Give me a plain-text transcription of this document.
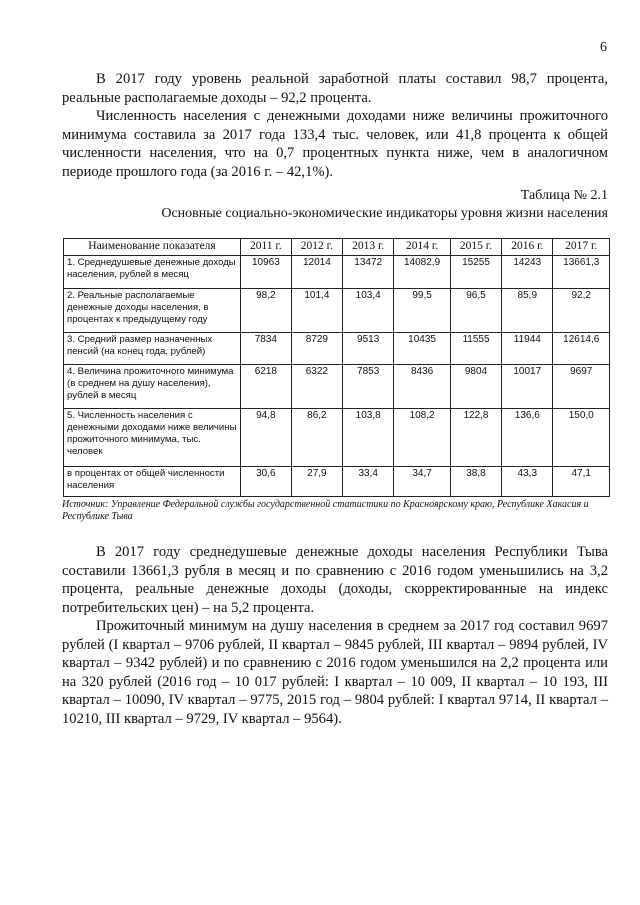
6

В 2017 году уровень реальной заработной платы составил 98,7 процента, реальные располагаемые доходы – 92,2 процента.

Численность населения с денежными доходами ниже величины прожиточного минимума составила за 2017 года 133,4 тыс. человек, или 41,8 процента к общей численности населения, что на 0,7 процентных пункта ниже, чем в аналогичном периоде прошлого года (за 2016 г. – 42,1%).

Таблица № 2.1
Основные социально-экономические индикаторы уровня жизни населения
Наименование показателя	2011 г.	2012 г.	2013 г.	2014 г.	2015 г.	2016 г.	2017 г.
1. Среднедушевые денежные доходы населения, рублей в месяц	10963	12014	13472	14082,9	15255	14243	13661,3
2. Реальные располагаемые денежные доходы населения, в процентах к предыдущему году	98,2	101,4	103,4	99,5	96,5	85,9	92,2
3. Средний размер назначенных пенсий (на конец года, рублей)	7834	8729	9513	10435	11555	11944	12614,6
4. Величина прожиточного минимума (в среднем на душу населения), рублей в месяц	6218	6322	7853	8436	9804	10017	9697
5. Численность населения с денежными доходами ниже величины прожиточного минимума, тыс. человек	94,8	86,2	103,8	108,2	122,8	136,6	150,0
в процентах от общей численности населения	30,6	27,9	33,4	34,7	38,8	43,3	47,1
Источник: Управление Федеральной службы государственной статистики по Красноярскому краю, Республике Хакасия и Республике Тыва

В 2017 году среднедушевые денежные доходы населения Республики Тыва составили 13661,3 рубля в месяц и по сравнению с 2016 годом уменьшились на 3,2 процента, реальные денежные доходы (доходы, скорректированные на индекс потребительских цен) – на 5,2 процента.

Прожиточный минимум на душу населения в среднем за 2017 год составил 9697 рублей (I квартал – 9706 рублей, II квартал – 9845 рублей, III квартал – 9894 рублей, IV квартал – 9342 рублей) и по сравнению с 2016 годом уменьшился на 2,2 процента или на 320 рублей (2016 год – 10 017 рублей: I квартал – 10 009, II квартал – 10 193, III квартал – 10090, IV квартал – 9775, 2015 год – 9804 рублей: I квартал 9714, II квартал – 10210, III квартал – 9729, IV квартал – 9564).
